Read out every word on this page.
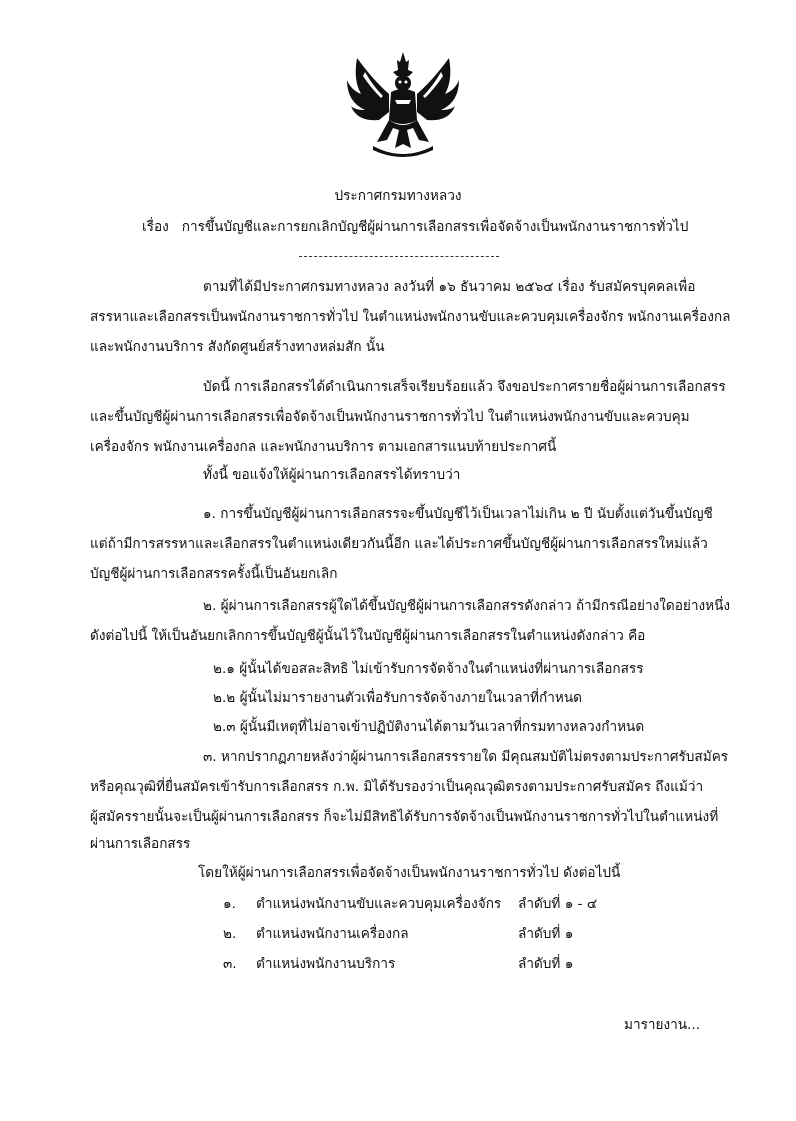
ประกาศกรมทางหลวง
เรื่อง การขึ้นบัญชีและการยกเลิกบัญชีผู้ผ่านการเลือกสรรเพื่อจัดจ้างเป็นพนักงานราชการทั่วไป
ตามที่ได้มีประกาศกรมทางหลวง ลงวันที่ ๑๖ ธันวาคม ๒๕๖๔ เรื่อง รับสมัครบุคคลเพื่อ
สรรหาและเลือกสรรเป็นพนักงานราชการทั่วไป ในตำแหน่งพนักงานขับและควบคุมเครื่องจักร พนักงานเครื่องกล
และพนักงานบริการ สังกัดศูนย์สร้างทางหล่มสัก นั้น
บัดนี้ การเลือกสรรได้ดำเนินการเสร็จเรียบร้อยแล้ว จึงขอประกาศรายชื่อผู้ผ่านการเลือกสรร
และขึ้นบัญชีผู้ผ่านการเลือกสรรเพื่อจัดจ้างเป็นพนักงานราชการทั่วไป ในตำแหน่งพนักงานขับและควบคุม
เครื่องจักร พนักงานเครื่องกล และพนักงานบริการ ตามเอกสารแนบท้ายประกาศนี้
ทั้งนี้ ขอแจ้งให้ผู้ผ่านการเลือกสรรได้ทราบว่า
๑. การขึ้นบัญชีผู้ผ่านการเลือกสรรจะขึ้นบัญชีไว้เป็นเวลาไม่เกิน ๒ ปี นับตั้งแต่วันขึ้นบัญชี
แต่ถ้ามีการสรรหาและเลือกสรรในตำแหน่งเดียวกันนี้อีก และได้ประกาศขึ้นบัญชีผู้ผ่านการเลือกสรรใหม่แล้ว
บัญชีผู้ผ่านการเลือกสรรครั้งนี้เป็นอันยกเลิก
๒. ผู้ผ่านการเลือกสรรผู้ใดได้ขึ้นบัญชีผู้ผ่านการเลือกสรรดังกล่าว ถ้ามีกรณีอย่างใดอย่างหนึ่ง
ดังต่อไปนี้ ให้เป็นอันยกเลิกการขึ้นบัญชีผู้นั้นไว้ในบัญชีผู้ผ่านการเลือกสรรในตำแหน่งดังกล่าว คือ
๒.๑ ผู้นั้นได้ขอสละสิทธิ ไม่เข้ารับการจัดจ้างในตำแหน่งที่ผ่านการเลือกสรร
๒.๒ ผู้นั้นไม่มารายงานตัวเพื่อรับการจัดจ้างภายในเวลาที่กำหนด
๒.๓ ผู้นั้นมีเหตุที่ไม่อาจเข้าปฏิบัติงานได้ตามวันเวลาที่กรมทางหลวงกำหนด
๓. หากปรากฏภายหลังว่าผู้ผ่านการเลือกสรรรายใด มีคุณสมบัติไม่ตรงตามประกาศรับสมัคร
หรือคุณวุฒิที่ยื่นสมัครเข้ารับการเลือกสรร ก.พ. มิได้รับรองว่าเป็นคุณวุฒิตรงตามประกาศรับสมัคร ถึงแม้ว่า
ผู้สมัครรายนั้นจะเป็นผู้ผ่านการเลือกสรร ก็จะไม่มีสิทธิได้รับการจัดจ้างเป็นพนักงานราชการทั่วไปในตำแหน่งที่
ผ่านการเลือกสรร
โดยให้ผู้ผ่านการเลือกสรรเพื่อจัดจ้างเป็นพนักงานราชการทั่วไป ดังต่อไปนี้
๑. ตำแหน่งพนักงานขับและควบคุมเครื่องจักร ลำดับที่ ๑ - ๔
๒. ตำแหน่งพนักงานเครื่องกล	ลำดับที่ ๑
๓. ตำแหน่งพนักงานบริการ	ลำดับที่ ๑
มารายงาน...
